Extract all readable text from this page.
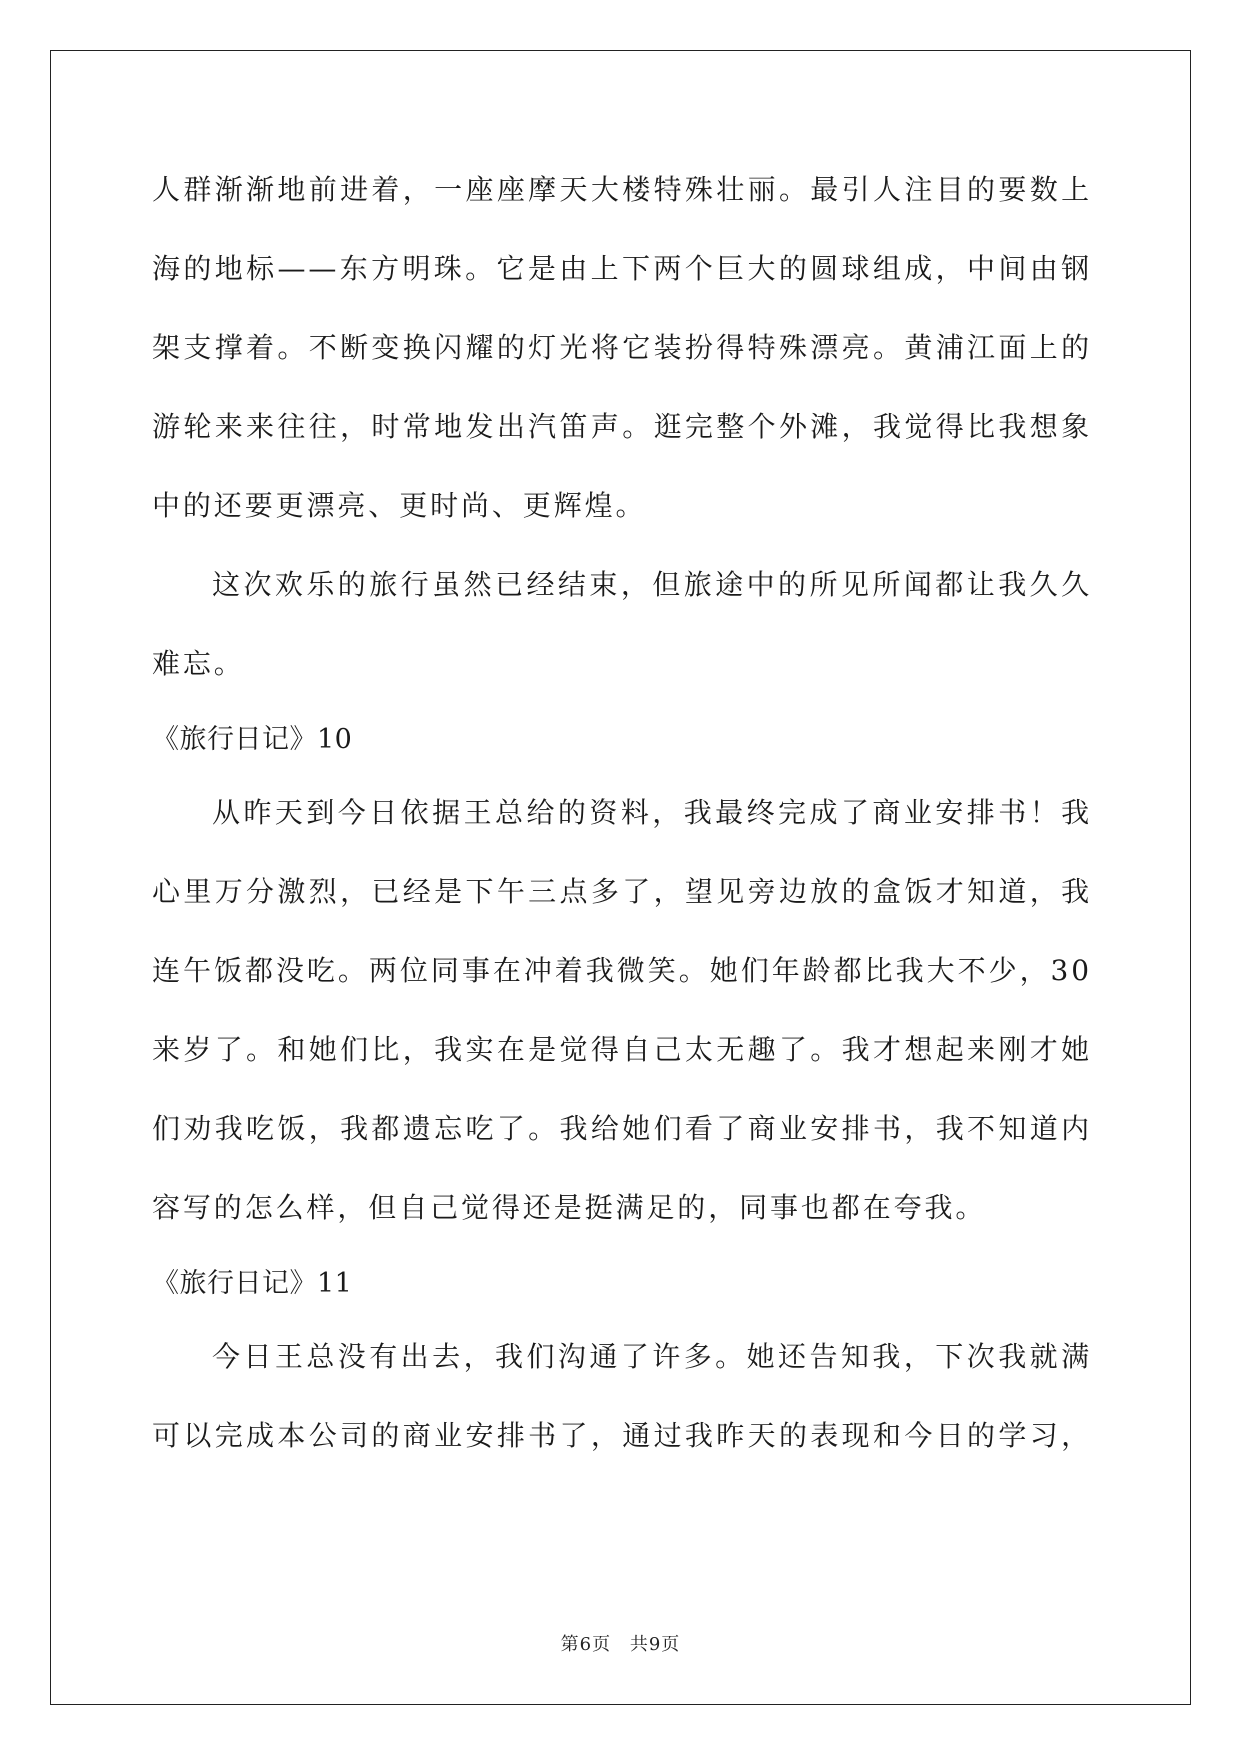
人群渐渐地前进着，一座座摩天大楼特殊壮丽。最引人注目的要数上
海的地标——东方明珠。它是由上下两个巨大的圆球组成，中间由钢
架支撑着。不断变换闪耀的灯光将它装扮得特殊漂亮。黄浦江面上的
游轮来来往往，时常地发出汽笛声。逛完整个外滩，我觉得比我想象
中的还要更漂亮、更时尚、更辉煌。
这次欢乐的旅行虽然已经结束，但旅途中的所见所闻都让我久久
难忘。
《旅行日记》10
从昨天到今日依据王总给的资料，我最终完成了商业安排书！我
心里万分激烈，已经是下午三点多了，望见旁边放的盒饭才知道，我
连午饭都没吃。两位同事在冲着我微笑。她们年龄都比我大不少，30
来岁了。和她们比，我实在是觉得自己太无趣了。我才想起来刚才她
们劝我吃饭，我都遗忘吃了。我给她们看了商业安排书，我不知道内
容写的怎么样，但自己觉得还是挺满足的，同事也都在夸我。
《旅行日记》11
今日王总没有出去，我们沟通了许多。她还告知我，下次我就满
可以完成本公司的商业安排书了，通过我昨天的表现和今日的学习，
第6页 共9页
